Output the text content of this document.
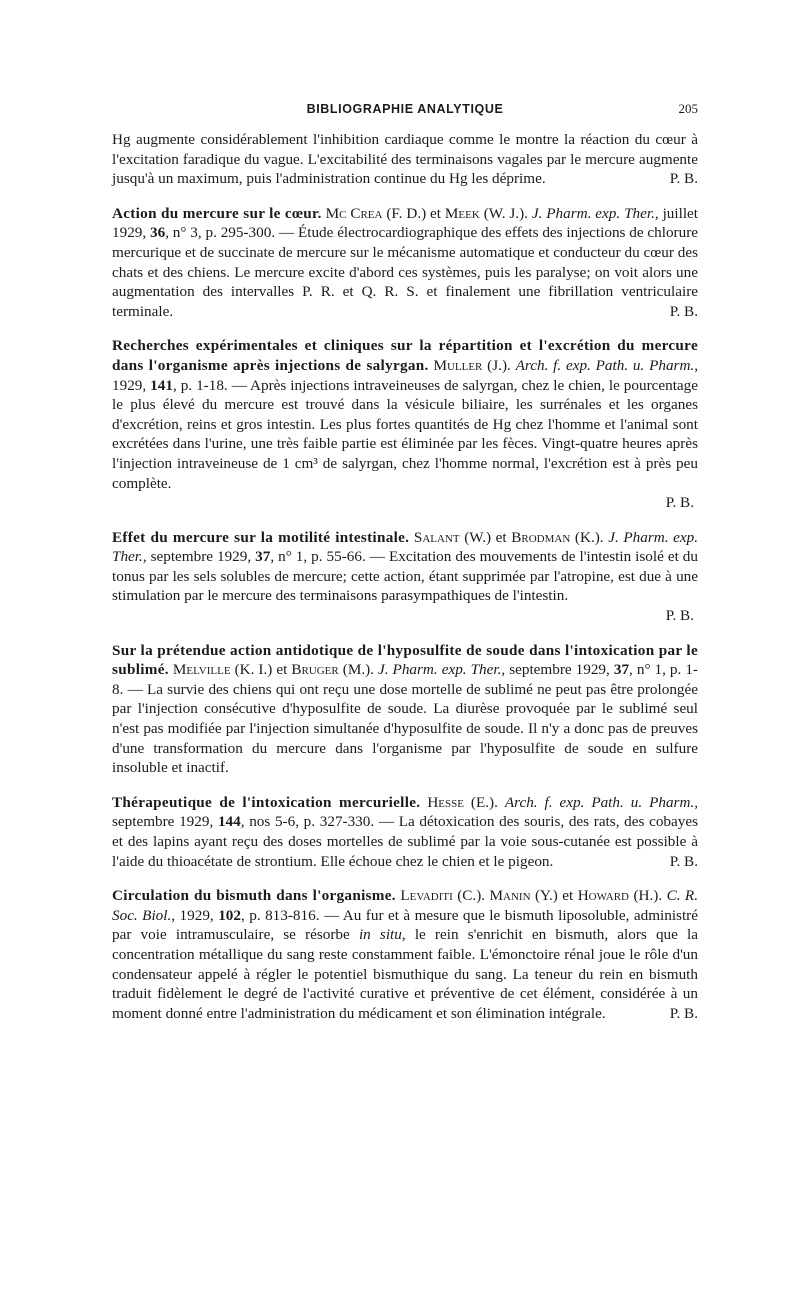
BIBLIOGRAPHIE ANALYTIQUE	205

Hg augmente considérablement l'inhibition cardiaque comme le montre la réaction du cœur à l'excitation faradique du vague. L'excitabilité des terminaisons vagales par le mercure augmente jusqu'à un maximum, puis l'administration continue du Hg les déprime.	P. B.

Action du mercure sur le cœur. Mc Crea (F. D.) et Meek (W. J.). J. Pharm. exp. Ther., juillet 1929, 36, n° 3, p. 295-300. — Étude électrocardiographique des effets des injections de chlorure mercurique et de succinate de mercure sur le mécanisme automatique et conducteur du cœur des chats et des chiens. Le mercure excite d'abord ces systèmes, puis les paralyse; on voit alors une augmentation des intervalles P. R. et Q. R. S. et finalement une fibrillation ventriculaire terminale.	P. B.

Recherches expérimentales et cliniques sur la répartition et l'excrétion du mercure dans l'organisme après injections de salyrgan. Muller (J.). Arch. f. exp. Path. u. Pharm., 1929, 141, p. 1-18. — Après injections intraveineuses de salyrgan, chez le chien, le pourcentage le plus élevé du mercure est trouvé dans la vésicule biliaire, les surrénales et les organes d'excrétion, reins et gros intestin. Les plus fortes quantités de Hg chez l'homme et l'animal sont excrétées dans l'urine, une très faible partie est éliminée par les fèces. Vingt-quatre heures après l'injection intraveineuse de 1 cm³ de salyrgan, chez l'homme normal, l'excrétion est à près peu complète.

P. B.

Effet du mercure sur la motilité intestinale. Salant (W.) et Brodman (K.). J. Pharm. exp. Ther., septembre 1929, 37, n° 1, p. 55-66. — Excitation des mouvements de l'intestin isolé et du tonus par les sels solubles de mercure; cette action, étant supprimée par l'atropine, est due à une stimulation par le mercure des terminaisons parasympathiques de l'intestin.

P. B.

Sur la prétendue action antidotique de l'hyposulfite de soude dans l'intoxication par le sublimé. Melville (K. I.) et Bruger (M.). J. Pharm. exp. Ther., septembre 1929, 37, n° 1, p. 1-8. — La survie des chiens qui ont reçu une dose mortelle de sublimé ne peut pas être prolongée par l'injection consécutive d'hyposulfite de soude. La diurèse provoquée par le sublimé seul n'est pas modifiée par l'injection simultanée d'hyposulfite de soude. Il n'y a donc pas de preuves d'une transformation du mercure dans l'organisme par l'hyposulfite de soude en sulfure insoluble et inactif.

Thérapeutique de l'intoxication mercurielle. Hesse (E.). Arch. f. exp. Path. u. Pharm., septembre 1929, 144, nos 5-6, p. 327-330. — La détoxication des souris, des rats, des cobayes et des lapins ayant reçu des doses mortelles de sublimé par la voie sous-cutanée est possible à l'aide du thioacétate de strontium. Elle échoue chez le chien et le pigeon.	P. B.

Circulation du bismuth dans l'organisme. Levaditi (C.). Manin (Y.) et Howard (H.). C. R. Soc. Biol., 1929, 102, p. 813-816. — Au fur et à mesure que le bismuth liposoluble, administré par voie intramusculaire, se résorbe in situ, le rein s'enrichit en bismuth, alors que la concentration métallique du sang reste constamment faible. L'émonctoire rénal joue le rôle d'un condensateur appelé à régler le potentiel bismuthique du sang. La teneur du rein en bismuth traduit fidèlement le degré de l'activité curative et préventive de cet élément, considérée à un moment donné entre l'administration du médicament et son élimination intégrale.	P. B.
